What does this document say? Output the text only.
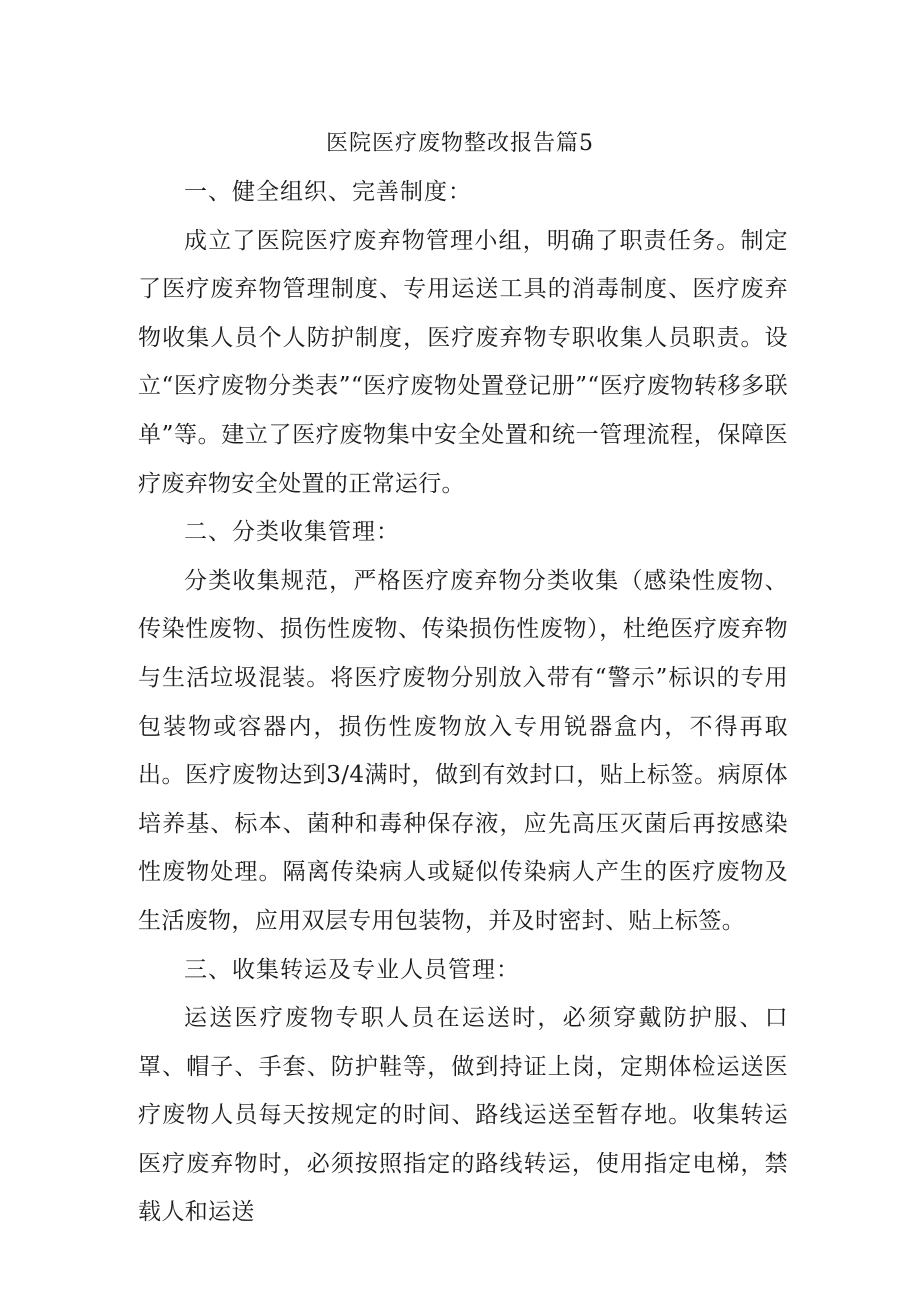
医院医疗废物整改报告篇5

一、健全组织、完善制度：

成立了医院医疗废弃物管理小组，明确了职责任务。制定了医疗废弃物管理制度、专用运送工具的消毒制度、医疗废弃物收集人员个人防护制度，医疗废弃物专职收集人员职责。设立“医疗废物分类表”“医疗废物处置登记册”“医疗废物转移多联单”等。建立了医疗废物集中安全处置和统一管理流程，保障医疗废弃物安全处置的正常运行。

二、分类收集管理：

分类收集规范，严格医疗废弃物分类收集（感染性废物、传染性废物、损伤性废物、传染损伤性废物），杜绝医疗废弃物与生活垃圾混装。将医疗废物分别放入带有“警示”标识的专用包装物或容器内，损伤性废物放入专用锐器盒内，不得再取出。医疗废物达到3/4满时，做到有效封口，贴上标签。病原体培养基、标本、菌种和毒种保存液，应先高压灭菌后再按感染性废物处理。隔离传染病人或疑似传染病人产生的医疗废物及生活废物，应用双层专用包装物，并及时密封、贴上标签。

三、收集转运及专业人员管理：

运送医疗废物专职人员在运送时，必须穿戴防护服、口罩、帽子、手套、防护鞋等，做到持证上岗，定期体检运送医疗废物人员每天按规定的时间、路线运送至暂存地。收集转运医疗废弃物时，必须按照指定的路线转运，使用指定电梯，禁载人和运送
